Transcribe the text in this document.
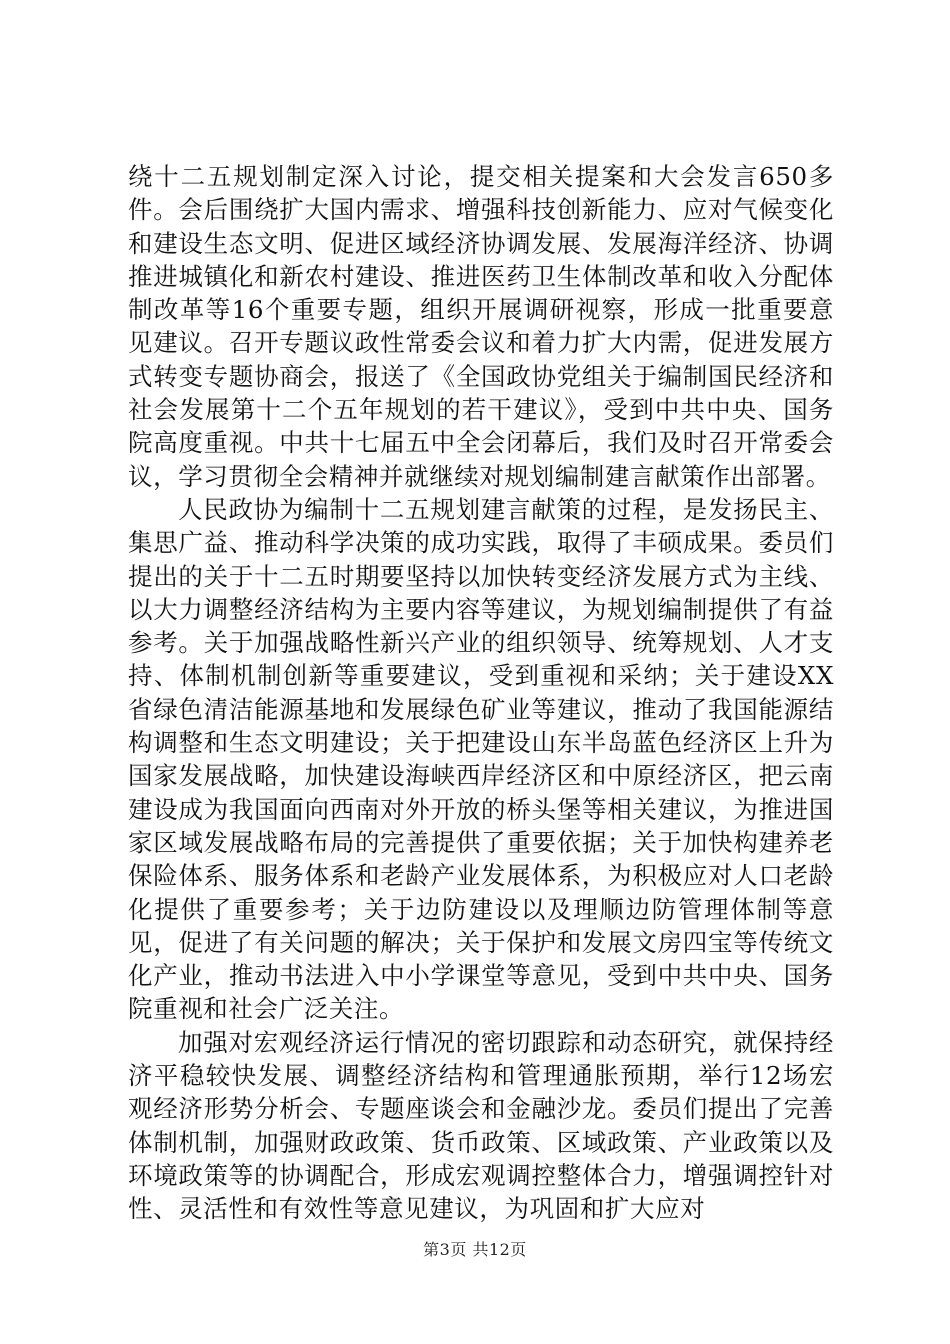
绕十二五规划制定深入讨论，提交相关提案和大会发言650多件。会后围绕扩大国内需求、增强科技创新能力、应对气候变化和建设生态文明、促进区域经济协调发展、发展海洋经济、协调推进城镇化和新农村建设、推进医药卫生体制改革和收入分配体制改革等16个重要专题，组织开展调研视察，形成一批重要意见建议。召开专题议政性常委会议和着力扩大内需，促进发展方式转变专题协商会，报送了《全国政协党组关于编制国民经济和社会发展第十二个五年规划的若干建议》，受到中共中央、国务院高度重视。中共十七届五中全会闭幕后，我们及时召开常委会议，学习贯彻全会精神并就继续对规划编制建言献策作出部署。

人民政协为编制十二五规划建言献策的过程，是发扬民主、集思广益、推动科学决策的成功实践，取得了丰硕成果。委员们提出的关于十二五时期要坚持以加快转变经济发展方式为主线、以大力调整经济结构为主要内容等建议，为规划编制提供了有益参考。关于加强战略性新兴产业的组织领导、统筹规划、人才支持、体制机制创新等重要建议，受到重视和采纳；关于建设XX省绿色清洁能源基地和发展绿色矿业等建议，推动了我国能源结构调整和生态文明建设；关于把建设山东半岛蓝色经济区上升为国家发展战略，加快建设海峡西岸经济区和中原经济区，把云南建设成为我国面向西南对外开放的桥头堡等相关建议，为推进国家区域发展战略布局的完善提供了重要依据；关于加快构建养老保险体系、服务体系和老龄产业发展体系，为积极应对人口老龄化提供了重要参考；关于边防建设以及理顺边防管理体制等意见，促进了有关问题的解决；关于保护和发展文房四宝等传统文化产业，推动书法进入中小学课堂等意见，受到中共中央、国务院重视和社会广泛关注。

加强对宏观经济运行情况的密切跟踪和动态研究，就保持经济平稳较快发展、调整经济结构和管理通胀预期，举行12场宏观经济形势分析会、专题座谈会和金融沙龙。委员们提出了完善体制机制，加强财政政策、货币政策、区域政策、产业政策以及环境政策等的协调配合，形成宏观调控整体合力，增强调控针对性、灵活性和有效性等意见建议，为巩固和扩大应对

第3页 共12页
